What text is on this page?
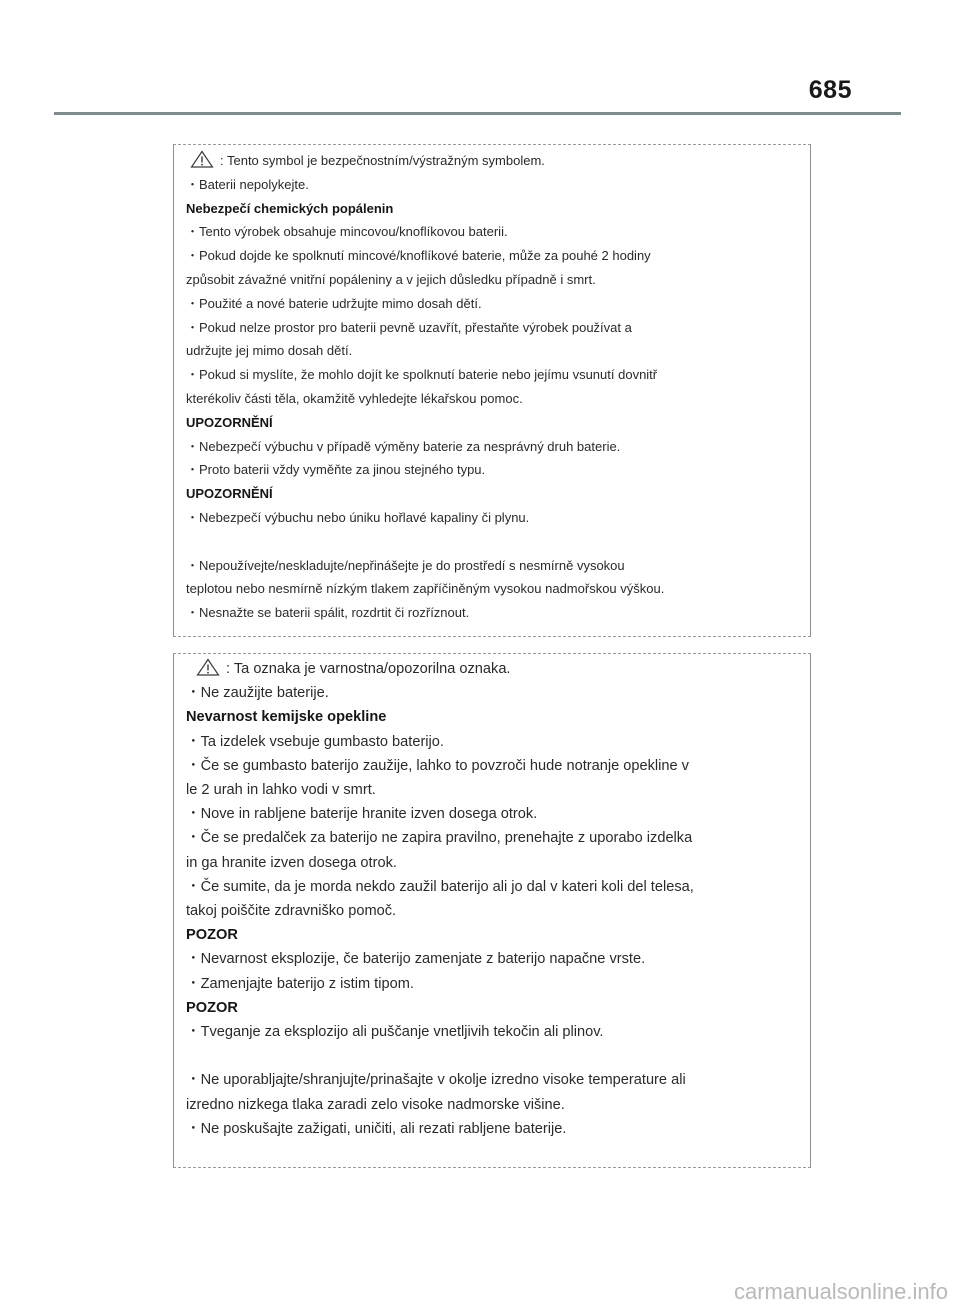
685
: Tento symbol je bezpečnostním/výstražným symbolem.
・Baterii nepolykejte.
Nebezpečí chemických popálenin
・Tento výrobek obsahuje mincovou/knoflíkovou baterii.
・Pokud dojde ke spolknutí mincové/knoflíkové baterie, může za pouhé 2 hodiny
způsobit závažné vnitřní popáleniny a v jejich důsledku případně i smrt.
・Použité a nové baterie udržujte mimo dosah dětí.
・Pokud nelze prostor pro baterii pevně uzavřít, přestaňte výrobek používat a
udržujte jej mimo dosah dětí.
・Pokud si myslíte, že mohlo dojít ke spolknutí baterie nebo jejímu vsunutí dovnitř
kterékoliv části těla, okamžitě vyhledejte lékařskou pomoc.
UPOZORNĚNÍ
・Nebezpečí výbuchu v případě výměny baterie za nesprávný druh baterie.
・Proto baterii vždy vyměňte za jinou stejného typu.
UPOZORNĚNÍ
・Nebezpečí výbuchu nebo úniku hořlavé kapaliny či plynu.
・Nepoužívejte/neskladujte/nepřinášejte je do prostředí s nesmírně vysokou
teplotou nebo nesmírně nízkým tlakem zapříčiněným vysokou nadmořskou výškou.
・Nesnažte se baterii spálit, rozdrtit či rozříznout.
: Ta oznaka je varnostna/opozorilna oznaka.
・Ne zaužijte baterije.
Nevarnost kemijske opekline
・Ta izdelek vsebuje gumbasto baterijo.
・Če se gumbasto baterijo zaužije, lahko to povzroči hude notranje opekline v
le 2 urah in lahko vodi v smrt.
・Nove in rabljene baterije hranite izven dosega otrok.
・Če se predalček za baterijo ne zapira pravilno, prenehajte z uporabo izdelka
in ga hranite izven dosega otrok.
・Če sumite, da je morda nekdo zaužil baterijo ali jo dal v kateri koli del telesa,
takoj poiščite zdravniško pomoč.
POZOR
・Nevarnost eksplozije, če baterijo zamenjate z baterijo napačne vrste.
・Zamenjajte baterijo z istim tipom.
POZOR
・Tveganje za eksplozijo ali puščanje vnetljivih tekočin ali plinov.
・Ne uporabljajte/shranjujte/prinašajte v okolje izredno visoke temperature ali
izredno nizkega tlaka zaradi zelo visoke nadmorske višine.
・Ne poskušajte zažigati, uničiti, ali rezati rabljene baterije.
carmanualsonline.info
